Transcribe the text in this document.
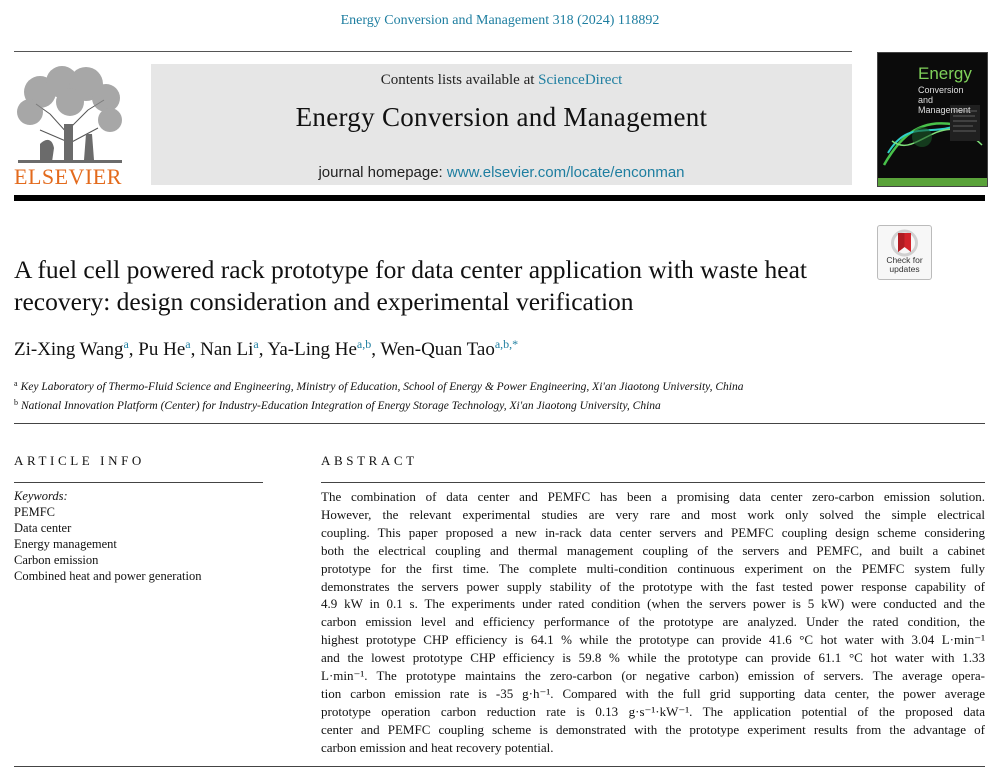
Energy Conversion and Management 318 (2024) 118892
ELSEVIER
Contents lists available at ScienceDirect
Energy Conversion and Management
journal homepage: www.elsevier.com/locate/enconman
Energy
Conversion
and Management
Check for
updates
A fuel cell powered rack prototype for data center application with waste heat recovery: design consideration and experimental verification
Zi-Xing Wang$^a$, Pu He$^a$, Nan Li$^a$, Ya-Ling He$^{a,b}$, Wen-Quan Tao$^{a,b,*}$
$^a$ Key Laboratory of Thermo-Fluid Science and Engineering, Ministry of Education, School of Energy & Power Engineering, Xi'an Jiaotong University, China
$^b$ National Innovation Platform (Center) for Industry-Education Integration of Energy Storage Technology, Xi'an Jiaotong University, China
ARTICLE INFO
Keywords:
PEMFC
Data center
Energy management
Carbon emission
Combined heat and power generation
ABSTRACT
The combination of data center and PEMFC has been a promising data center zero-carbon emission solution.
However, the relevant experimental studies are very rare and most work only solved the simple electrical
coupling. This paper proposed a new in-rack data center servers and PEMFC coupling design scheme considering
both the electrical coupling and thermal management coupling of the servers and PEMFC, and built a cabinet
prototype for the first time. The complete multi-condition continuous experiment on the PEMFC system fully
demonstrates the servers power supply stability of the prototype with the fast tested power response capability of
4.9 kW in 0.1 s. The experiments under rated condition (when the servers power is 5 kW) were conducted and the
carbon emission level and efficiency performance of the prototype are analyzed. Under the rated condition, the
highest prototype CHP efficiency is 64.1 % while the prototype can provide 41.6 °C hot water with 3.04 L·min⁻¹
and the lowest prototype CHP efficiency is 59.8 % while the prototype can provide 61.1 °C hot water with 1.33
L·min⁻¹. The prototype maintains the zero-carbon (or negative carbon) emission of servers. The average opera-
tion carbon emission rate is -35 g·h⁻¹. Compared with the full grid supporting data center, the power average
prototype operation carbon reduction rate is 0.13 g·s⁻¹·kW⁻¹. The application potential of the proposed data
center and PEMFC coupling scheme is demonstrated with the prototype experiment results from the advantage of
carbon emission and heat recovery potential.
